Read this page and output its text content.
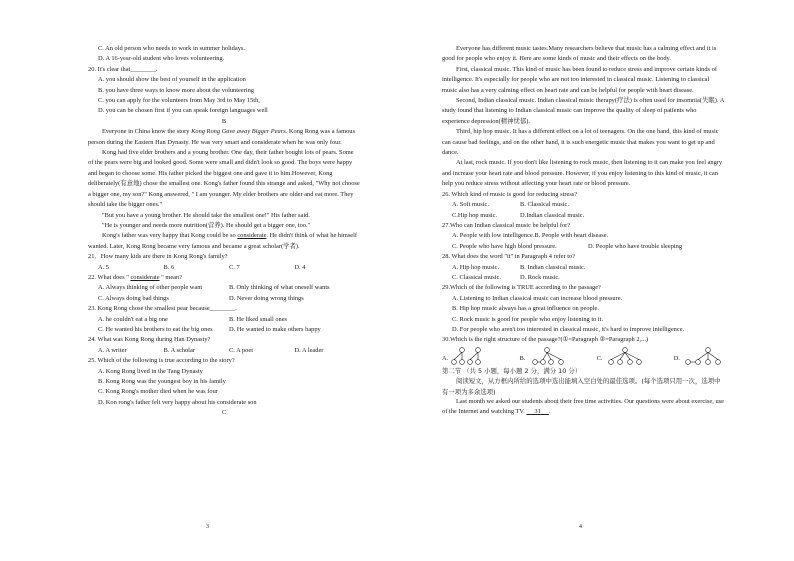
C. An old person who needs to work in summer holidays.

D. A 16-year-old student who loves volunteering.

20. It's clear that________.

A. you should show the best of yourself in the application

B. you have three ways to know more about the volunteering

C. you can apply for the volunteers from May 3rd to May 15th,

D. you can be chosen first if you can speak foreign languages well

B

Everyone in China know the story Kong Rong Gave away Bigger Pears. Kong Rong was a famous person during the Eastern Han Dynasty. He was very smart and considerate when he was only four.

Kong had five elder brothers and a young brother. One day, their father bought lots of pears. Some of the pears were big and looked good. Some were small and didn't look so good. The boys were happy and began to choose some. His father picked the biggest one and gave it to him.However, Kong deliberately(有意地) chose the smallest one. Kong's father found this strange and asked, "Why not choose a bigger one, my son?" Kong answered, " I am younger. My elder brothers are older and eat more. They should take the bigger ones."

"But you have a young brother. He should take the smallest one!" His father said.

"He is younger and needs more nutrition(营养). He should get a bigger one, too."

Kong's father was very happy that Kong could be so considerate. He didn't think of what he himself wanted. Later, Kong Rong became very famous and became a great scholar(学者).

21．How many kids are there in Kong Rong's family?

A. 5	B. 6	C. 7	D. 4

22. What does " considerate " mean?

A. Always thinking of other people want	B. Only thinking of what oneself wants
C. Always doing bad things	D. Never doing wrong things

23. Kong Rong chose the smallest pear because________.

A. he couldn't eat a big one	B. He liked small ones
C. He wanted his brothers to eat the big ones	D. He wanted to make others happy

24. What was Kong Rong during Han Dynasty?

A. A writer	B. A scholar	C. A poet	D. A leader

25. Which of the following is true according to the story?

A. Kong Rong lived in the Tang Dynasty

B. Kong Rong was the youngest boy in his family

C. Kong Rong's mother died when he was four

D. Kon rong's father felt very happy about his considerate son

C

3

Everyone has different music tastes.Many researchers believe that music has a calming effect and it is good for people who enjoy it. Here are some kinds of music and their effects on the body.

First, classical music. This kind of music has been found to reduce stress and improve certain kinds of intelligence. It's especially for people who are not too interested in classical music. Listening to classical music also has a very calming effect on heart rate and can be helpful for people with heart disease.

Second, Indian classical music. Indian classical music therapy(疗法) is often used for insomnia(失眠). A study found that listening to Indian classical music can improve the quality of sleep of patients who experience depression(精神忧郁).

Third, hip hop music. It has a different effect on a lot of teenagers. On the one hand, this kind of music can cause bad feelings, and on the other hand, it is such energetic music that makes you want to get up and dance.

At last, rock music. If you don't like listening to rock music, then listening to it can make you feel angry and increase your heart rate and blood pressure. However, if you enjoy listening to this kind of music, it can help you reduce stress without affecting your heart rate or blood pressure.

26. Which kind of music is good for reducing stress?

A. Soft music.	B. Classical music.
C.Hip hop music.	D.Indian classical music.

27.Who can Indian classical music be helpful for?

A. People with low intelligence.B. People with heart disease.

C. People who have high blood pressure.	D. People who have trouble sleeping

28. What does the word "it" in Paragraph 4 refer to?

A. Hip hop music.	B. Indian classical music.
C. Classical music.	D. Rock music.

29.Which of the following is TRUE according to the passage?

A. Listening to Indian classical music can increase blood pressure.

B. Hip hop music always has a great influence on people.

C. Rock music is good for people who enjoy listening to it.

D. For people who aren't too interested in classical music, it's hard to improve intelligence.

30.Which is the right structure of the passage?(①=Paragraph ②=Paragraph 2,...)

A.	B.	C.	D.

第二节 （共 5 小题，每小题 2 分，满分 10 分）

阅读短文，从方框内所给的选项中选出能填入空白处的最佳选项。(每个选项只用一次，选项中有一项为多余选项)

Last month we asked our students about their free time activities. Our questions were about exercise, use of the Internet and watching TV.      31 .

4
